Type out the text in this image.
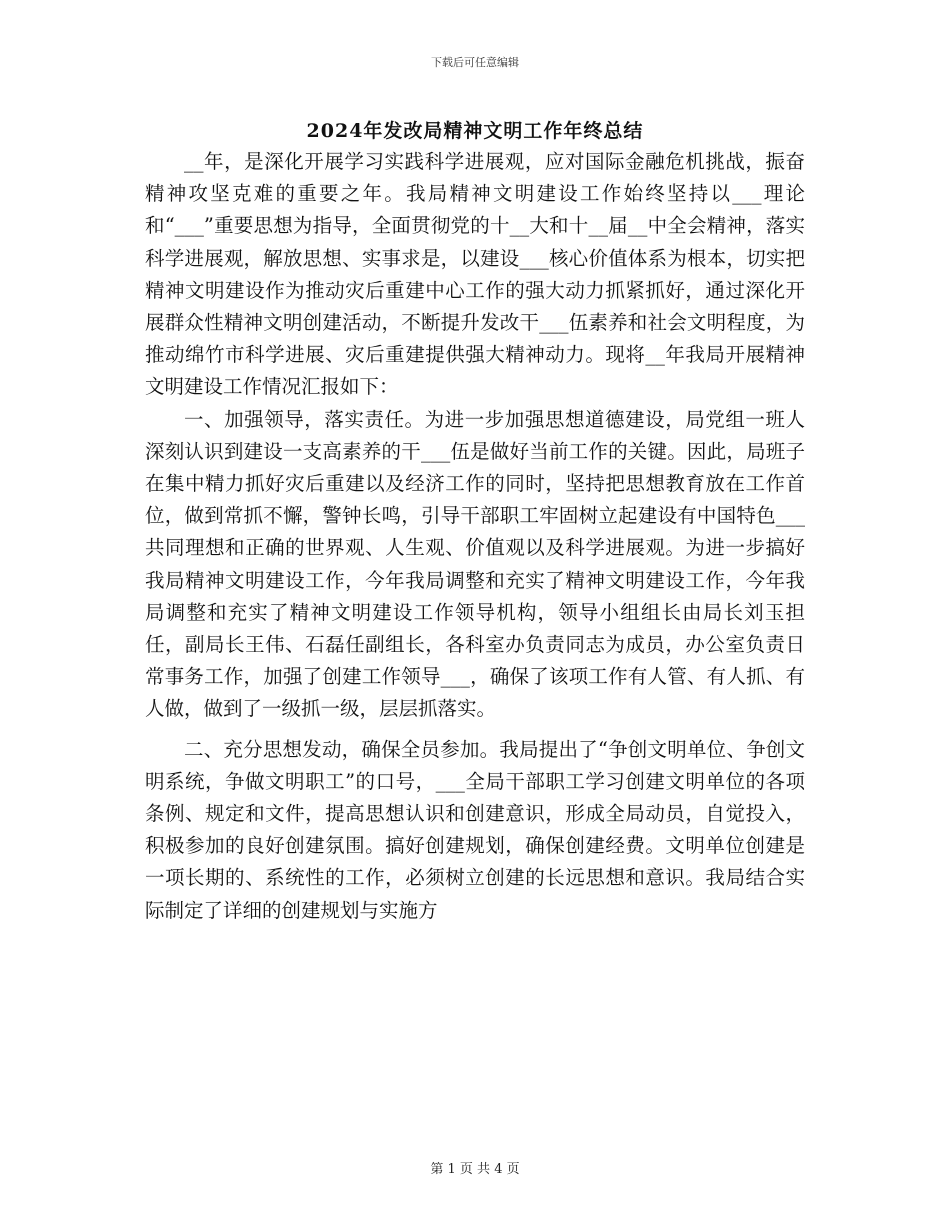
下载后可任意编辑
2024年发改局精神文明工作年终总结

__年，是深化开展学习实践科学进展观，应对国际金融危机挑战，振奋精神攻坚克难的重要之年。我局精神文明建设工作始终坚持以___理论和“___”重要思想为指导，全面贯彻党的十__大和十__届__中全会精神，落实科学进展观，解放思想、实事求是，以建设___核心价值体系为根本，切实把精神文明建设作为推动灾后重建中心工作的强大动力抓紧抓好，通过深化开展群众性精神文明创建活动，不断提升发改干___伍素养和社会文明程度，为推动绵竹市科学进展、灾后重建提供强大精神动力。现将__年我局开展精神文明建设工作情况汇报如下：

一、加强领导，落实责任。为进一步加强思想道德建设，局党组一班人深刻认识到建设一支高素养的干___伍是做好当前工作的关键。因此，局班子在集中精力抓好灾后重建以及经济工作的同时，坚持把思想教育放在工作首位，做到常抓不懈，警钟长鸣，引导干部职工牢固树立起建设有中国特色___共同理想和正确的世界观、人生观、价值观以及科学进展观。为进一步搞好我局精神文明建设工作，今年我局调整和充实了精神文明建设工作，今年我局调整和充实了精神文明建设工作领导机构，领导小组组长由局长刘玉担任，副局长王伟、石磊任副组长，各科室办负责同志为成员，办公室负责日常事务工作，加强了创建工作领导___，确保了该项工作有人管、有人抓、有人做，做到了一级抓一级，层层抓落实。

二、充分思想发动，确保全员参加。我局提出了“争创文明单位、争创文明系统，争做文明职工”的口号，___全局干部职工学习创建文明单位的各项条例、规定和文件，提高思想认识和创建意识，形成全局动员，自觉投入，积极参加的良好创建氛围。搞好创建规划，确保创建经费。文明单位创建是一项长期的、系统性的工作，必须树立创建的长远思想和意识。我局结合实际制定了详细的创建规划与实施方

第 1 页 共 4 页
